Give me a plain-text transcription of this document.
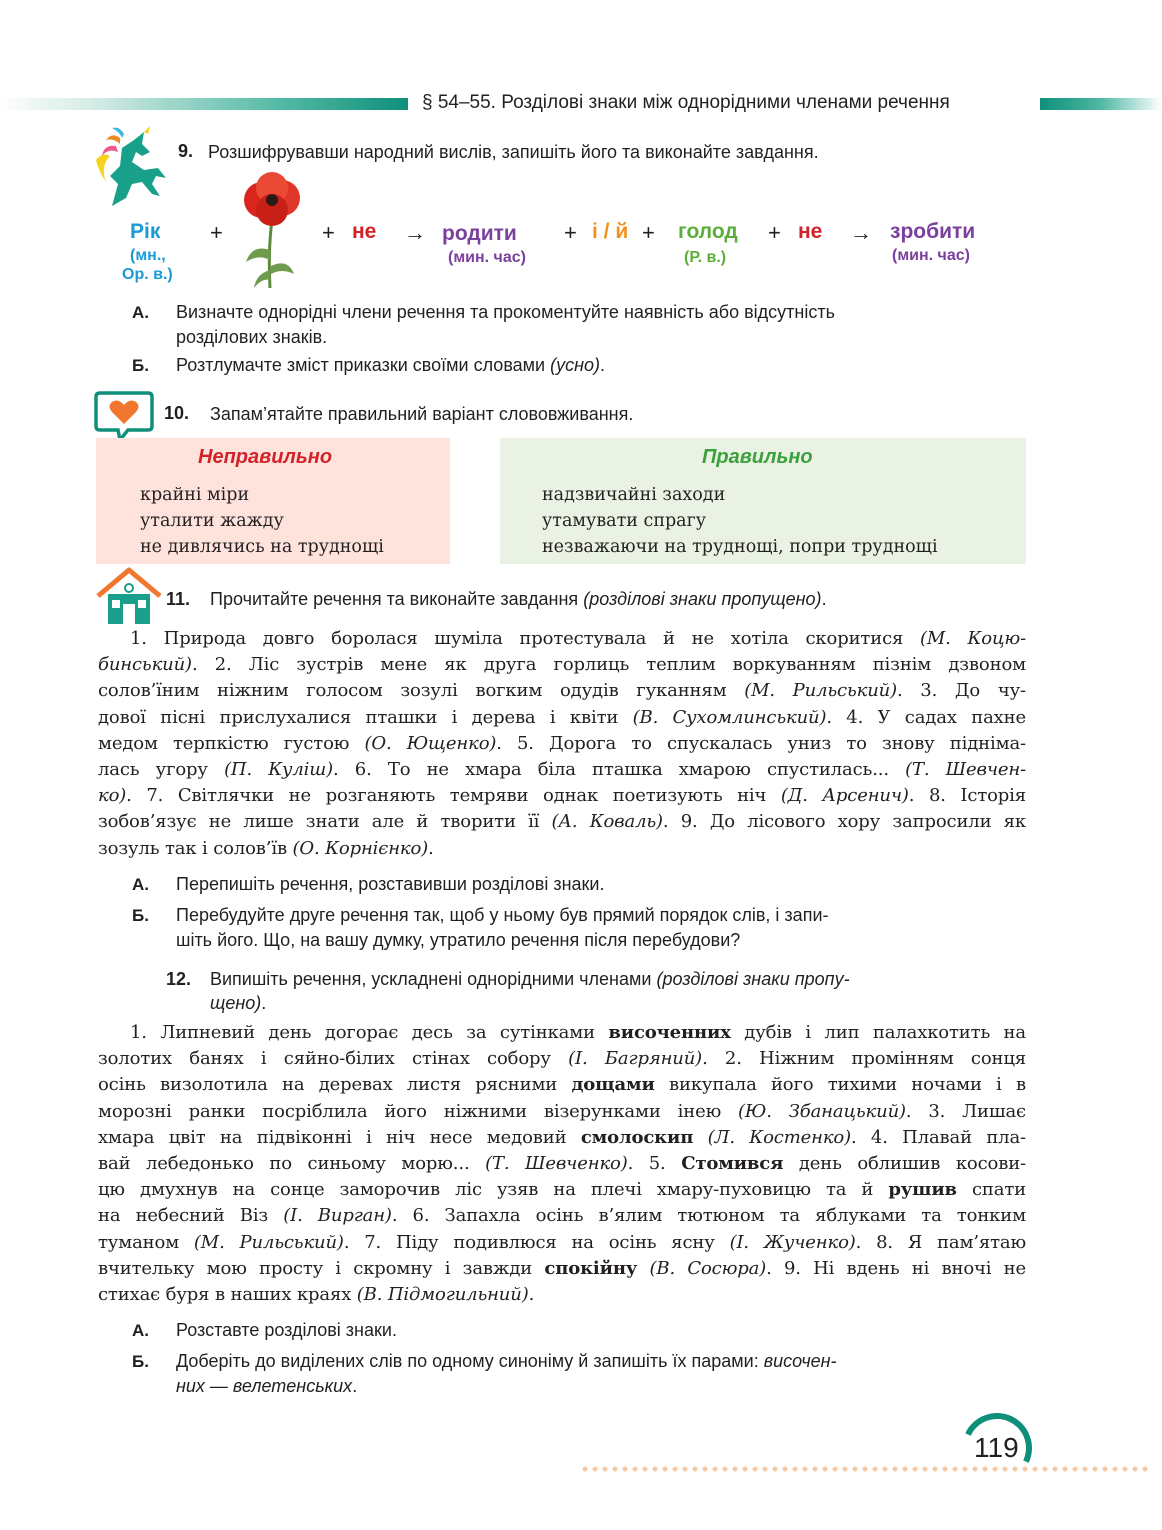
§ 54–55. Розділові знаки між однорідними членами речення
9. Розшифрувавши народний вислів, запишіть його та виконайте завдання.
Рік
(мн.,
Ор. в.)
+	+ не → родити
(мин. час)
+ і / й + голод
(Р. в.)
+ не → зробити
(мин. час)
А. Визначте однорідні члени речення та прокоментуйте наявність або відсутність
розділових знаків.
Б. Розтлумачте зміст приказки своїми словами (усно).
10. Запам’ятайте правильний варіант слововживання.
Неправильно
крайні міри
уталити жажду
не дивлячись на труднощі
Правильно
надзвичайні заходи
утамувати спрагу
незважаючи на труднощі, попри труднощі
11. Прочитайте речення та виконайте завдання (розділові знаки пропущено).
1. Природа довго боролася шуміла протестувала й не хотіла скоритися (М. Коцю-
бинський). 2. Ліс зустрів мене як друга горлиць теплим воркуванням пізнім дзвоном
солов’їним ніжним голосом зозулі вогким одудів гуканням (М. Рильський). 3. До чу-
дової пісні прислухалися пташки і дерева і квіти (В. Сухомлинський). 4. У садах пахне
медом терпкістю густою (О. Ющенко). 5. Дорога то спускалась униз то знову підніма-
лась угору (П. Куліш). 6. То не хмара біла пташка хмарою спустилась... (Т. Шевчен-
ко). 7. Світлячки не розганяють темряви однак поетизують ніч (Д. Арсенич). 8. Історія
зобов’язує не лише знати але й творити її (А. Коваль). 9. До лісового хору запросили як
зозуль так і солов’їв (О. Корнієнко).
А. Перепишіть речення, розставивши розділові знаки.
Б. Перебудуйте друге речення так, щоб у ньому був прямий порядок слів, і запи-
шіть його. Що, на вашу думку, утратило речення після перебудови?
12. Випишіть речення, ускладнені однорідними членами (розділові знаки пропу-
щено).
1. Липневий день догорає десь за сутінками височенних дубів і лип палахкотить на
золотих банях і сяйно-білих стінах собору (І. Багряний). 2. Ніжним промінням сонця
осінь визолотила на деревах листя рясними дощами викупала його тихими ночами і в
морозні ранки посріблила його ніжними візерунками інею (Ю. Збанацький). 3. Лишає
хмара цвіт на підвіконні і ніч несе медовий смолоскип (Л. Костенко). 4. Плавай пла-
вай лебедонько по синьому морю... (Т. Шевченко). 5. Стомився день облишив косови-
цю дмухнув на сонце заморочив ліс узяв на плечі хмару-пуховицю та й рушив спати
на небесний Віз (І. Вирган). 6. Запахла осінь в’ялим тютюном та яблуками та тонким
туманом (М. Рильський). 7. Піду подивлюся на осінь ясну (І. Жученко). 8. Я пам’ятаю
вчительку мою просту і скромну і завжди спокійну (В. Сосюра). 9. Ні вдень ні вночі не
стихає буря в наших краях (В. Підмогильний).
А. Розставте розділові знаки.
Б. Доберіть до виділених слів по одному синоніму й запишіть їх парами: височен-
них — велетенських.
119
